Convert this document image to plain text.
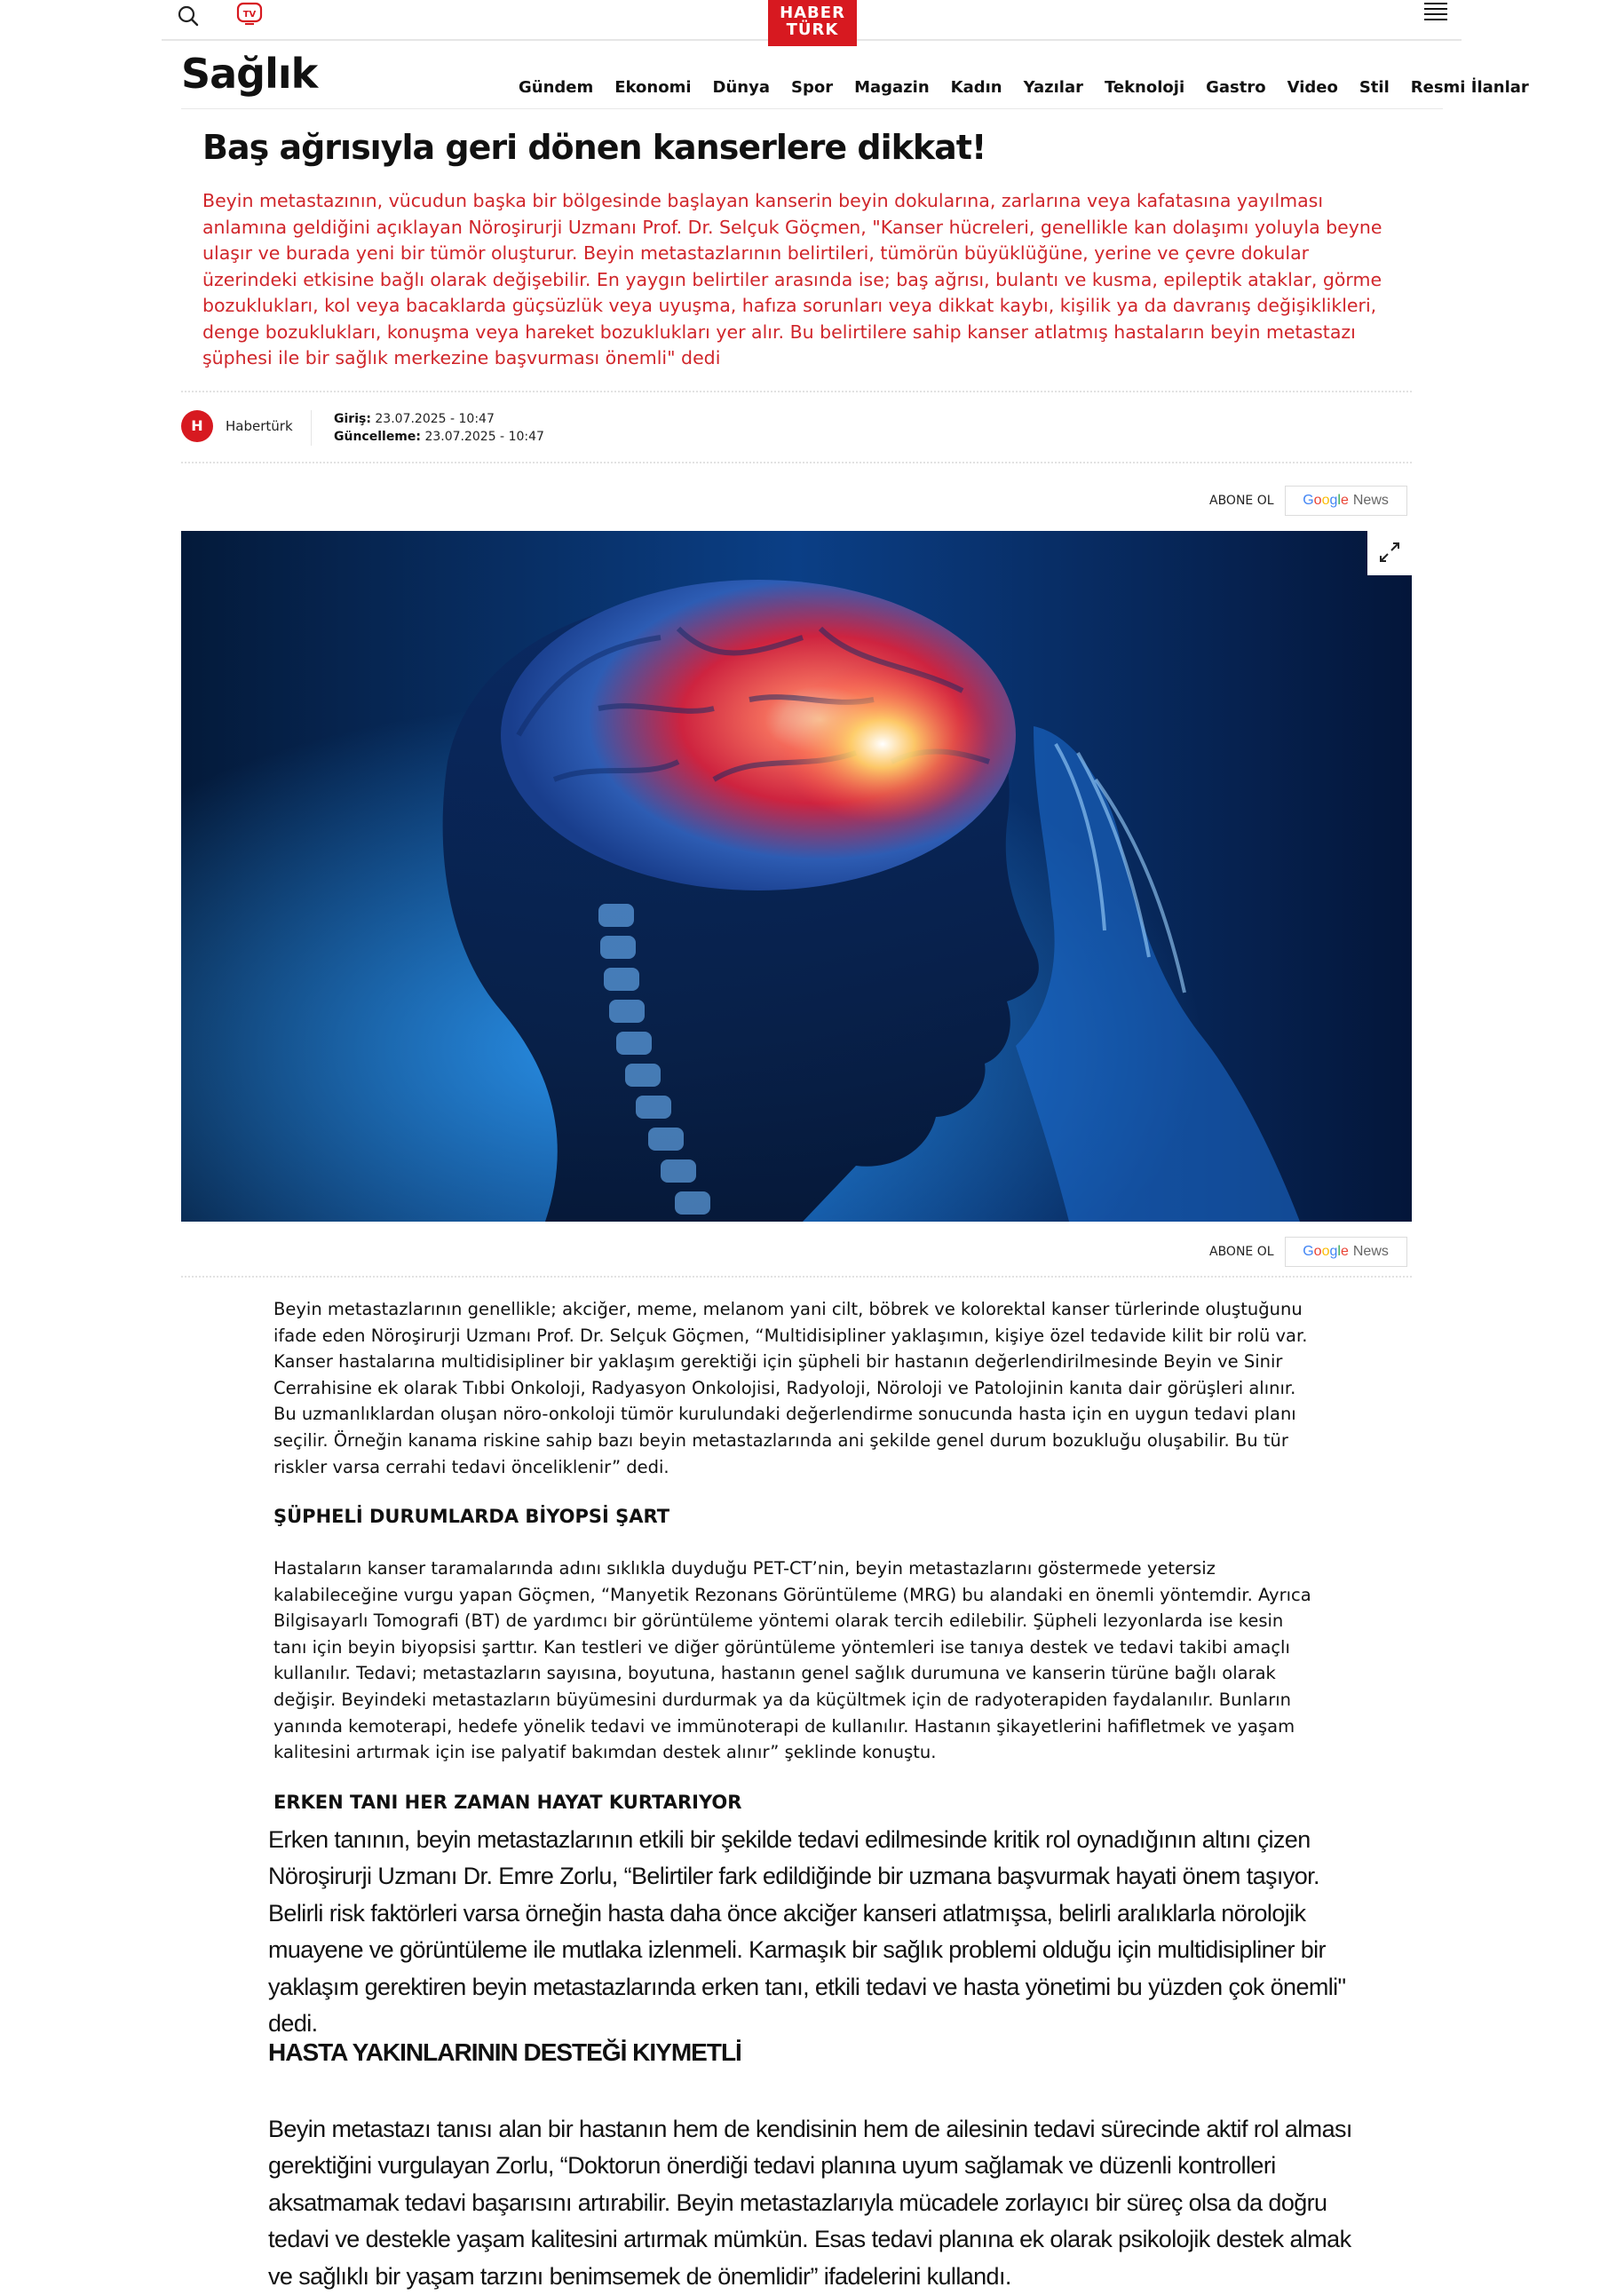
TV	HABER
TÜRK
Sağlık	Gündem Ekonomi Dünya Spor Magazin Kadın Yazılar Teknoloji Gastro Video Stil Resmi İlanlar
Baş ağrısıyla geri dönen kanserlere dikkat!

Beyin metastazının, vücudun başka bir bölgesinde başlayan kanserin beyin dokularına, zarlarına veya kafatasına yayılması anlamına geldiğini açıklayan Nöroşirurji Uzmanı Prof. Dr. Selçuk Göçmen, "Kanser hücreleri, genellikle kan dolaşımı yoluyla beyne ulaşır ve burada yeni bir tümör oluşturur. Beyin metastazlarının belirtileri, tümörün büyüklüğüne, yerine ve çevre dokular üzerindeki etkisine bağlı olarak değişebilir. En yaygın belirtiler arasında ise; baş ağrısı, bulantı ve kusma, epileptik ataklar, görme bozuklukları, kol veya bacaklarda güçsüzlük veya uyuşma, hafıza sorunları veya dikkat kaybı, kişilik ya da davranış değişiklikleri, denge bozuklukları, konuşma veya hareket bozuklukları yer alır. Bu belirtilere sahip kanser atlatmış hastaların beyin metastazı şüphesi ile bir sağlık merkezine başvurması önemli" dedi

H	Habertürk	Giriş: 23.07.2025 - 10:47
Güncelleme: 23.07.2025 - 10:47
ABONE OL G o o g l e News
ABONE OL G o o g l e News

Beyin metastazlarının genellikle; akciğer, meme, melanom yani cilt, böbrek ve kolorektal kanser türlerinde oluştuğunu ifade eden Nöroşirurji Uzmanı Prof. Dr. Selçuk Göçmen, “Multidisipliner yaklaşımın, kişiye özel tedavide kilit bir rolü var. Kanser hastalarına multidisipliner bir yaklaşım gerektiği için şüpheli bir hastanın değerlendirilmesinde Beyin ve Sinir Cerrahisine ek olarak Tıbbi Onkoloji, Radyasyon Onkolojisi, Radyoloji, Nöroloji ve Patolojinin kanıta dair görüşleri alınır. Bu uzmanlıklardan oluşan nöro-onkoloji tümör kurulundaki değerlendirme sonucunda hasta için en uygun tedavi planı seçilir. Örneğin kanama riskine sahip bazı beyin metastazlarında ani şekilde genel durum bozukluğu oluşabilir. Bu tür riskler varsa cerrahi tedavi önceliklenir” dedi.

ŞÜPHELİ DURUMLARDA BİYOPSİ ŞART

Hastaların kanser taramalarında adını sıklıkla duyduğu PET-CT’nin, beyin metastazlarını göstermede yetersiz kalabileceğine vurgu yapan Göçmen, “Manyetik Rezonans Görüntüleme (MRG) bu alandaki en önemli yöntemdir. Ayrıca Bilgisayarlı Tomografi (BT) de yardımcı bir görüntüleme yöntemi olarak tercih edilebilir. Şüpheli lezyonlarda ise kesin tanı için beyin biyopsisi şarttır. Kan testleri ve diğer görüntüleme yöntemleri ise tanıya destek ve tedavi takibi amaçlı kullanılır. Tedavi; metastazların sayısına, boyutuna, hastanın genel sağlık durumuna ve kanserin türüne bağlı olarak değişir. Beyindeki metastazların büyümesini durdurmak ya da küçültmek için de radyoterapiden faydalanılır. Bunların yanında kemoterapi, hedefe yönelik tedavi ve immünoterapi de kullanılır. Hastanın şikayetlerini hafifletmek ve yaşam kalitesini artırmak için ise palyatif bakımdan destek alınır” şeklinde konuştu.

ERKEN TANI HER ZAMAN HAYAT KURTARIYOR

Erken tanının, beyin metastazlarının etkili bir şekilde tedavi edilmesinde kritik rol oynadığının altını çizen Nöroşirurji Uzmanı Dr. Emre Zorlu, “Belirtiler fark edildiğinde bir uzmana başvurmak hayati önem taşıyor. Belirli risk faktörleri varsa örneğin hasta daha önce akciğer kanseri atlatmışsa, belirli aralıklarla nörolojik muayene ve görüntüleme ile mutlaka izlenmeli. Karmaşık bir sağlık problemi olduğu için multidisipliner bir yaklaşım gerektiren beyin metastazlarında erken tanı, etkili tedavi ve hasta yönetimi bu yüzden çok önemli" dedi.

HASTA YAKINLARININ DESTEĞİ KIYMETLİ

Beyin metastazı tanısı alan bir hastanın hem de kendisinin hem de ailesinin tedavi sürecinde aktif rol alması gerektiğini vurgulayan Zorlu, “Doktorun önerdiği tedavi planına uyum sağlamak ve düzenli kontrolleri aksatmamak tedavi başarısını artırabilir. Beyin metastazlarıyla mücadele zorlayıcı bir süreç olsa da doğru tedavi ve destekle yaşam kalitesini artırmak mümkün. Esas tedavi planına ek olarak psikolojik destek almak ve sağlıklı bir yaşam tarzını benimsemek de önemlidir” ifadelerini kullandı.
